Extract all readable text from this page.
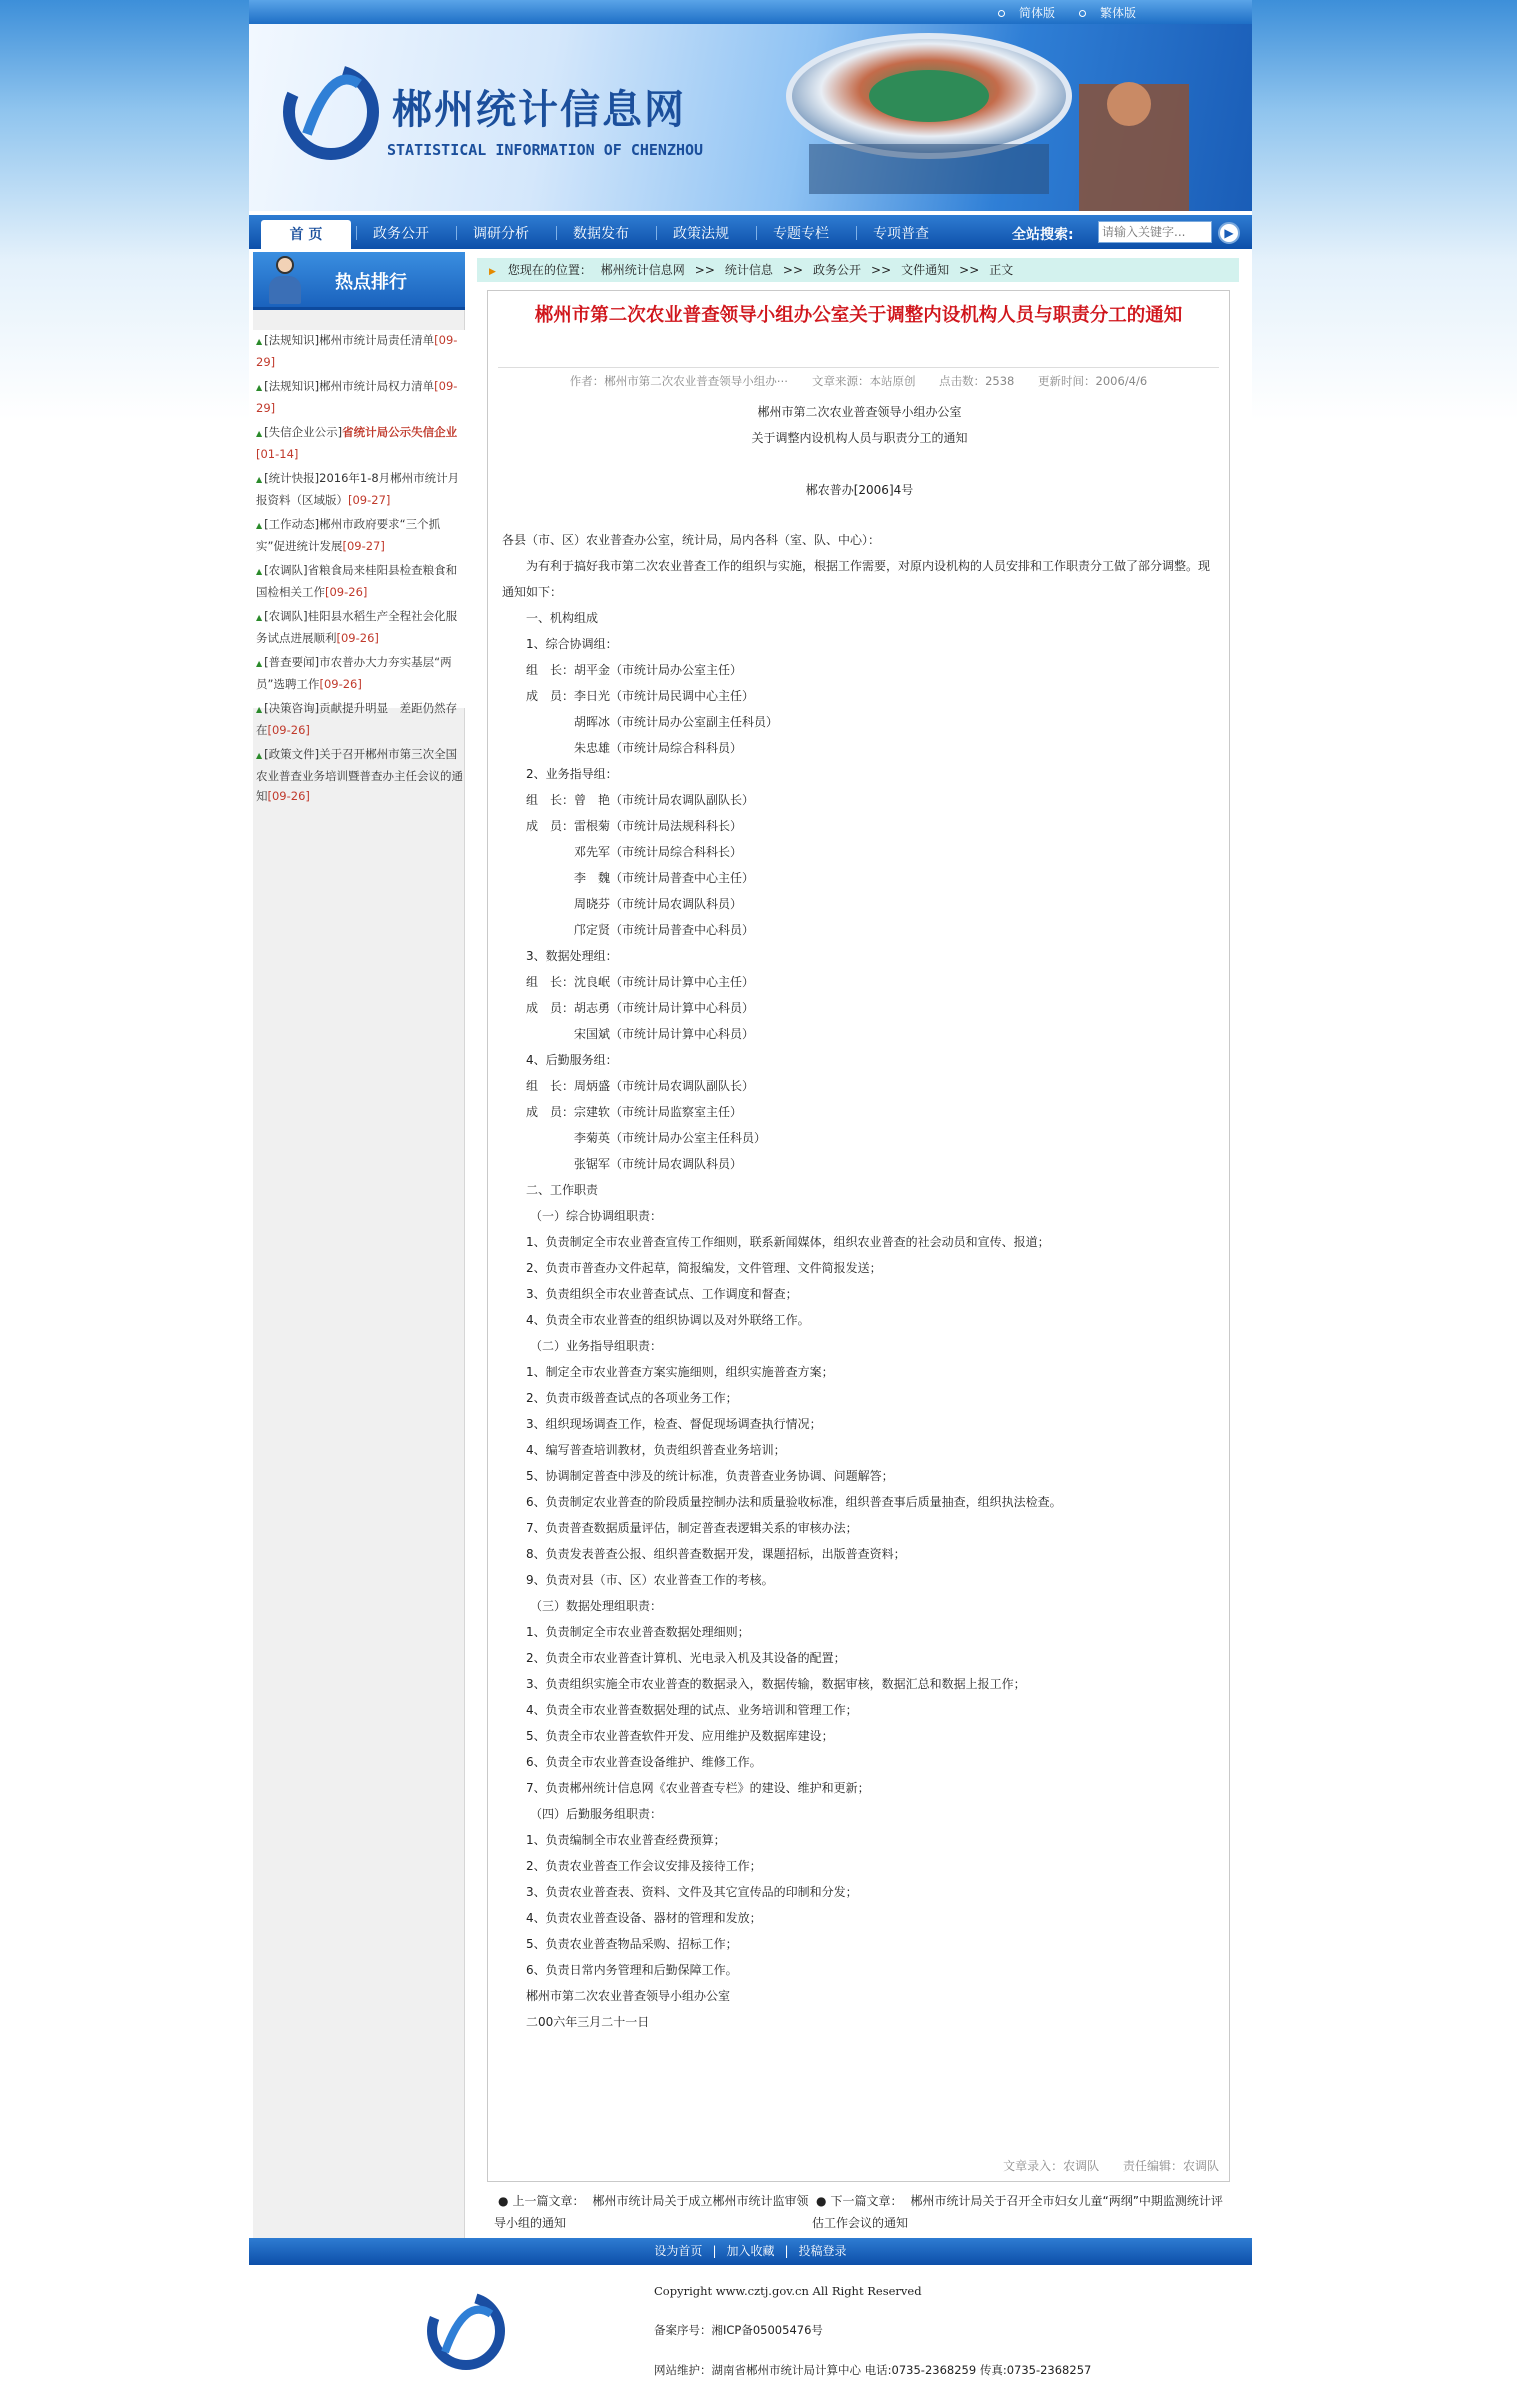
简体版	繁体版
郴州统计信息网
STATISTICAL INFORMATION OF CHENZHOU
首 页	政务公开	调研分析	数据发布	政策法规	专题专栏	专项普查	全站搜索:
请输入关键字...	▶
热点排行
▲ [法规知识]郴州市统计局责任清单[09-29]
▲ [法规知识]郴州市统计局权力清单[09-29]
▲ [失信企业公示]省统计局公示失信企业[01-14]
▲ [统计快报]2016年1-8月郴州市统计月报资料（区域版）[09-27]
▲ [工作动态]郴州市政府要求“三个抓实”促进统计发展[09-27]
▲ [农调队]省粮食局来桂阳县检查粮食和国检相关工作[09-26]
▲ [农调队]桂阳县水稻生产全程社会化服务试点进展顺利[09-26]
▲ [普查要闻]市农普办大力夯实基层“两员”选聘工作[09-26]
▲ [决策咨询]贡献提升明显　差距仍然存在[09-26]
▲ [政策文件]关于召开郴州市第三次全国农业普查业务培训暨普查办主任会议的通知[09-26]
▶ 您现在的位置： 郴州统计信息网 >> 统计信息 >> 政务公开 >> 文件通知 >> 正文
郴州市第二次农业普查领导小组办公室关于调整内设机构人员与职责分工的通知
作者：郴州市第二次农业普查领导小组办⋯ 文章来源：本站原创 点击数：2538 更新时间：2006/4/6
郴州市第二次农业普查领导小组办公室
关于调整内设机构人员与职责分工的通知
郴农普办[2006]4号
各县（市、区）农业普查办公室，统计局，局内各科（室、队、中心）：
为有利于搞好我市第二次农业普查工作的组织与实施，根据工作需要，对原内设机构的人员安排和工作职责分工做了部分调整。现
通知如下：
一、机构组成
1、综合协调组：
组　长：胡平金（市统计局办公室主任）
成　员：李日光（市统计局民调中心主任）
胡晖冰（市统计局办公室副主任科员）
朱忠雄（市统计局综合科科员）
2、业务指导组：
组　长：曾　艳（市统计局农调队副队长）
成　员：雷根菊（市统计局法规科科长）
邓先军（市统计局综合科科长）
李　魏（市统计局普查中心主任）
周晓芬（市统计局农调队科员）
邝定贤（市统计局普查中心科员）
3、数据处理组：
组　长：沈良岷（市统计局计算中心主任）
成　员：胡志勇（市统计局计算中心科员）
宋国斌（市统计局计算中心科员）
4、后勤服务组：
组　长：周炳盛（市统计局农调队副队长）
成　员：宗建软（市统计局监察室主任）
李菊英（市统计局办公室主任科员）
张锯军（市统计局农调队科员）
二、工作职责
（一）综合协调组职责：
1、负责制定全市农业普查宣传工作细则，联系新闻媒体，组织农业普查的社会动员和宣传、报道；
2、负责市普查办文件起草，简报编发，文件管理、文件简报发送；
3、负责组织全市农业普查试点、工作调度和督查；
4、负责全市农业普查的组织协调以及对外联络工作。
（二）业务指导组职责：
1、制定全市农业普查方案实施细则，组织实施普查方案；
2、负责市级普查试点的各项业务工作；
3、组织现场调查工作，检查、督促现场调查执行情况；
4、编写普查培训教材，负责组织普查业务培训；
5、协调制定普查中涉及的统计标准，负责普查业务协调、问题解答；
6、负责制定农业普查的阶段质量控制办法和质量验收标准，组织普查事后质量抽查，组织执法检查。
7、负责普查数据质量评估，制定普查表逻辑关系的审核办法；
8、负责发表普查公报、组织普查数据开发，课题招标，出版普查资料；
9、负责对县（市、区）农业普查工作的考核。
（三）数据处理组职责：
1、负责制定全市农业普查数据处理细则；
2、负责全市农业普查计算机、光电录入机及其设备的配置；
3、负责组织实施全市农业普查的数据录入，数据传输，数据审核，数据汇总和数据上报工作；
4、负责全市农业普查数据处理的试点、业务培训和管理工作；
5、负责全市农业普查软件开发、应用维护及数据库建设；
6、负责全市农业普查设备维护、维修工作。
7、负责郴州统计信息网《农业普查专栏》的建设、维护和更新；
（四）后勤服务组职责：
1、负责编制全市农业普查经费预算；
2、负责农业普查工作会议安排及接待工作；
3、负责农业普查表、资料、文件及其它宣传品的印制和分发；
4、负责农业普查设备、器材的管理和发放；
5、负责农业普查物品采购、招标工作；
6、负责日常内务管理和后勤保障工作。
郴州市第二次农业普查领导小组办公室
二00六年三月二十一日
文章录入：农调队 责任编辑：农调队
● 上一篇文章： 郴州市统计局关于成立郴州市统计监审领导小组的通知
● 下一篇文章： 郴州市统计局关于召开全市妇女儿童“两纲”中期监测统计评估工作会议的通知
设为首页 | 加入收藏 | 投稿登录
Copyright www.cztj.gov.cn All Right Reserved
备案序号：湘ICP备05005476号
网站维护：湖南省郴州市统计局计算中心 电话:0735-2368259 传真:0735-2368257
